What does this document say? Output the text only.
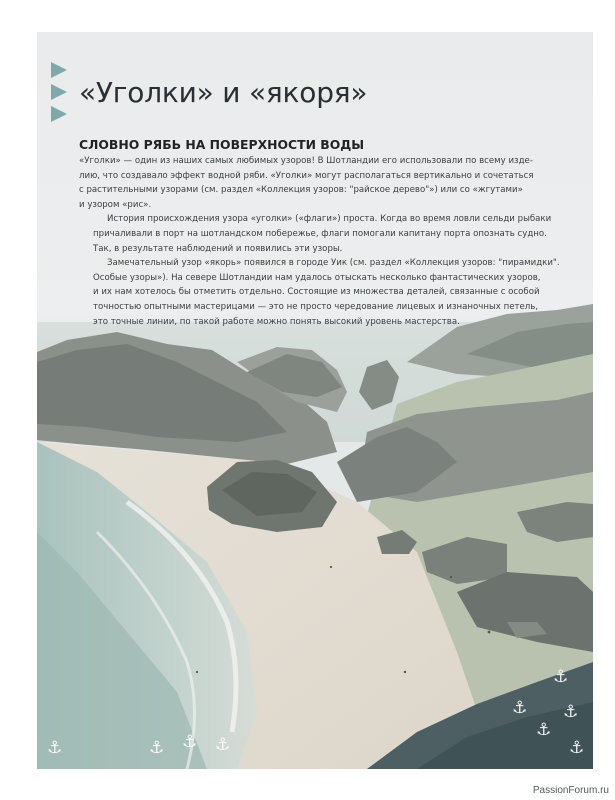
«Уголки» и «якоря»
СЛОВНО РЯБЬ НА ПОВЕРХНОСТИ ВОДЫ

«Уголки» — один из наших самых любимых узоров! В Шотландии его использовали по всему изде-
лию, что создавало эффект водной ряби. «Уголки» могут располагаться вертикально и сочетаться
с растительными узорами (см. раздел «Коллекция узоров: "райское дерево"») или со «жгутами»
и узором «рис».

История происхождения узора «уголки» («флаги») проста. Когда во время ловли сельди рыбаки
причаливали в порт на шотландском побережье, флаги помогали капитану порта опознать судно.
Так, в результате наблюдений и появились эти узоры.

Замечательный узор «якорь» появился в городе Уик (см. раздел «Коллекция узоров: "пирамидки".
Особые узоры»). На севере Шотландии нам удалось отыскать несколько фантастических узоров,
и их нам хотелось бы отметить отдельно. Состоящие из множества деталей, связанные с особой
точностью опытными мастерицами — это не просто чередование лицевых и изнаночных петель,
это точные линии, по такой работе можно понять высокий уровень мастерства.

⚓	⚓ ⚓ ⚓
⚓
⚓
⚓
⚓
⚓
PassionForum.ru
